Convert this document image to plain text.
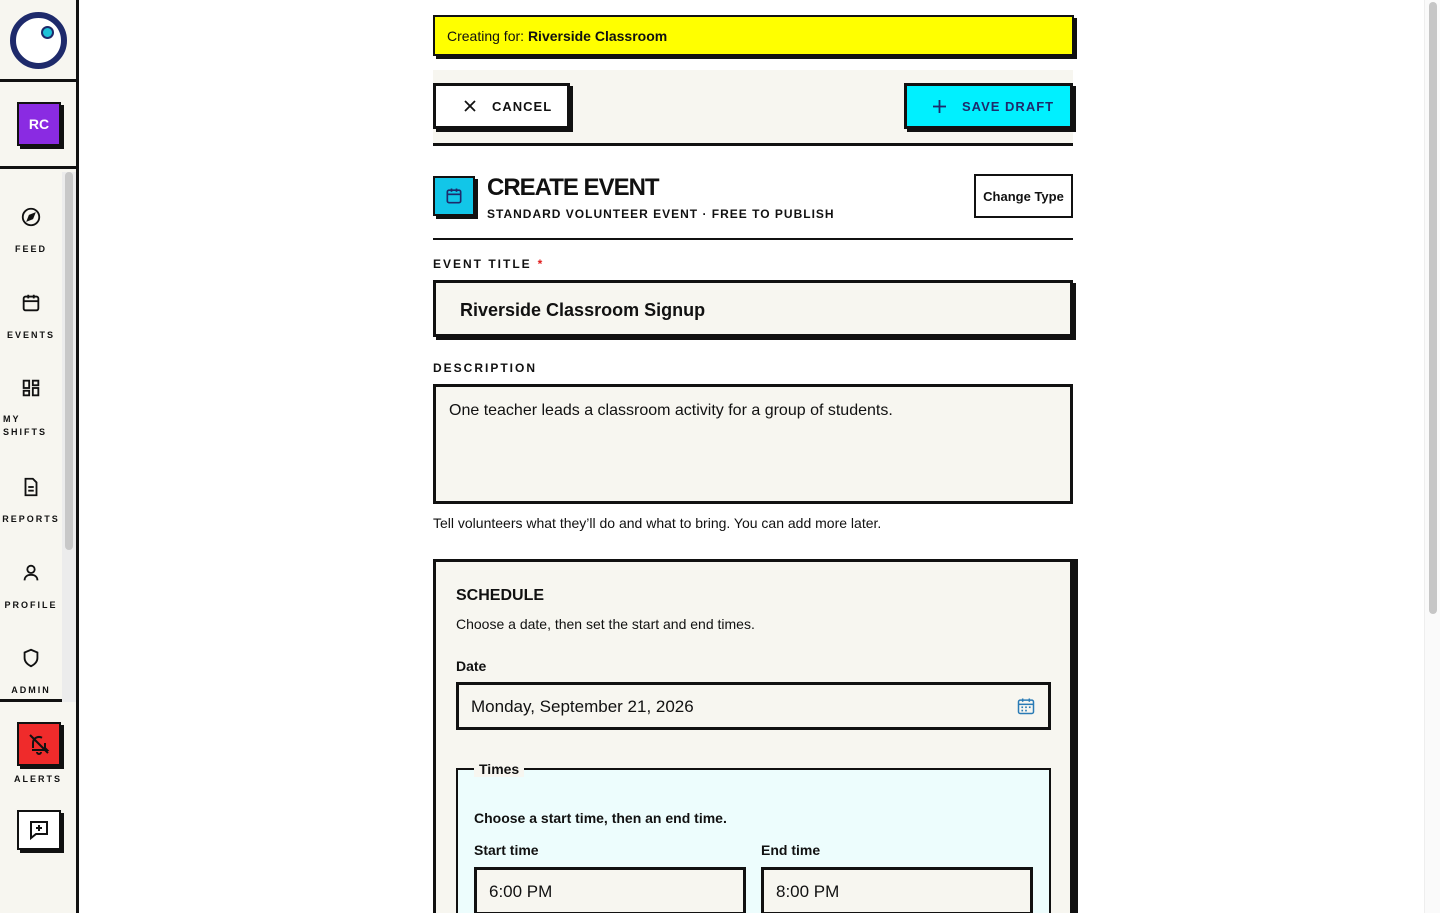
RC
FEED
EVENTS
MY
SHIFTS
REPORTS
PROFILE
ADMIN
ALERTS
Creating for: Riverside Classroom
CANCEL	SAVE DRAFT
CREATE EVENT
STANDARD VOLUNTEER EVENT · FREE TO PUBLISH
Change Type
EVENT TITLE *
Riverside Classroom Signup
DESCRIPTION
One teacher leads a classroom activity for a group of students.
Tell volunteers what they’ll do and what to bring. You can add more later.
SCHEDULE
Choose a date, then set the start and end times.
Date
Monday, September 21, 2026
Times
Choose a start time, then an end time.
Start time	End time
6:00 PM	8:00 PM
